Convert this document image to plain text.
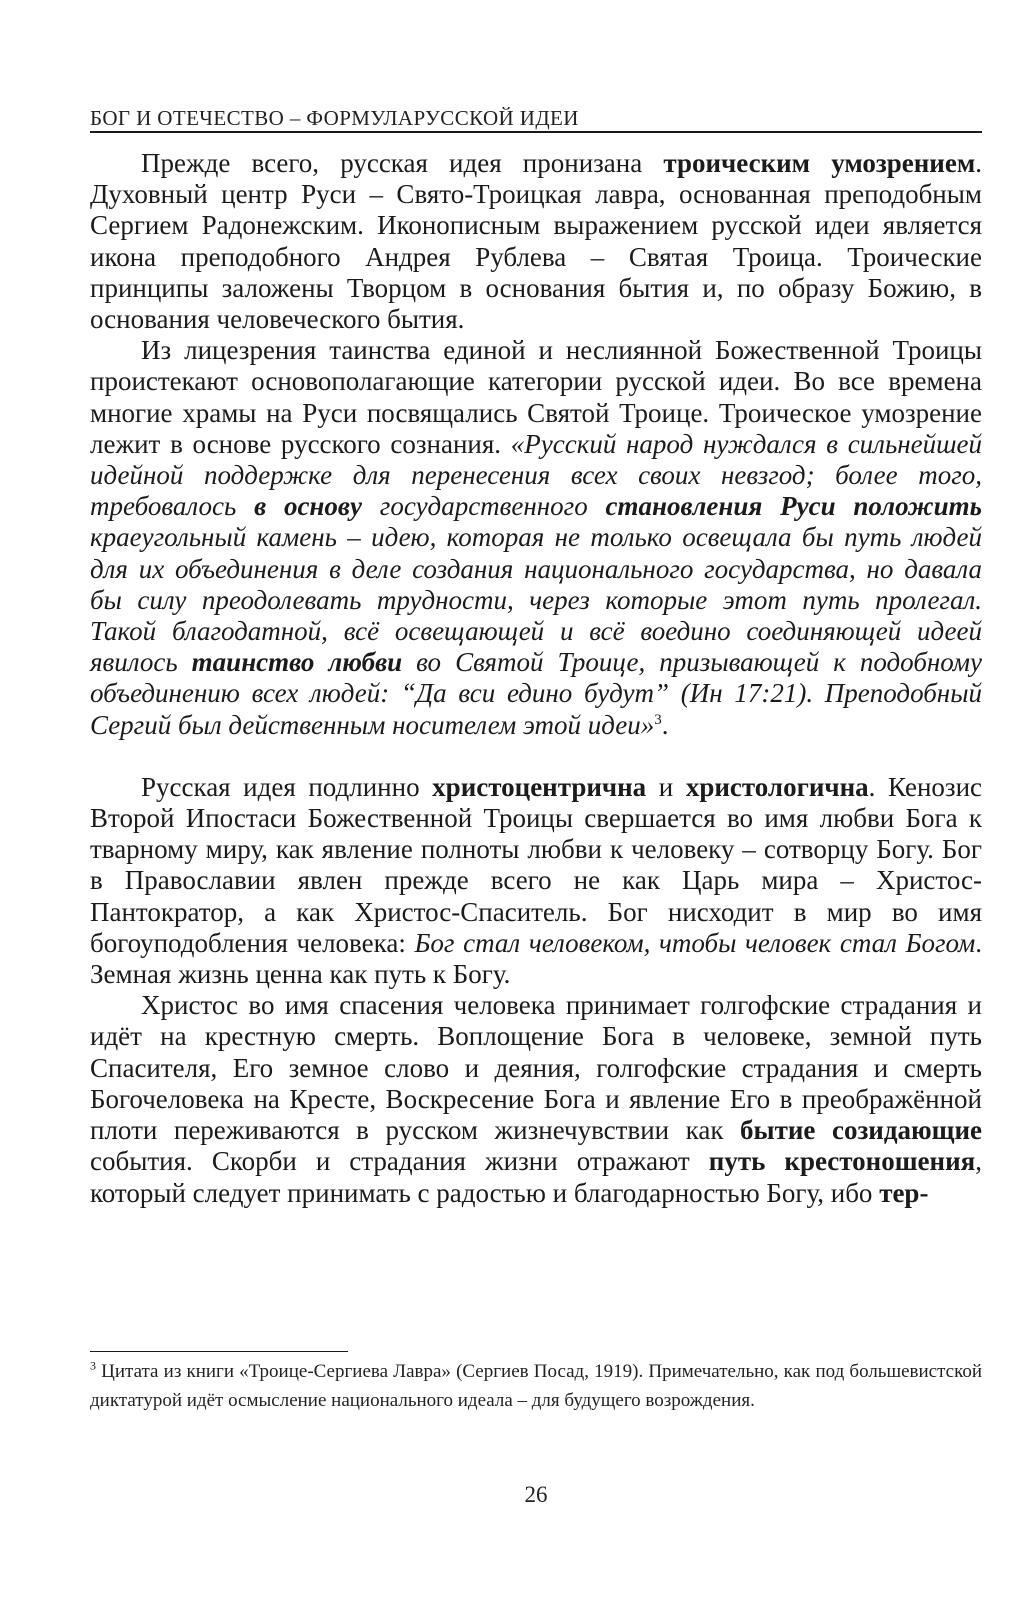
БОГ И ОТЕЧЕСТВО – ФОРМУЛАРУССКОЙ ИДЕИ

Прежде всего, русская идея пронизана троическим умозрением. Духовный центр Руси – Свято-Троицкая лавра, основанная преподобным Сергием Радонежским. Иконописным выражением русской идеи является икона преподобного Андрея Рублева – Святая Троица. Троические принципы заложены Творцом в основания бытия и, по образу Божию, в основания человеческого бытия.

Из лицезрения таинства единой и неслиянной Божественной Троицы проистекают основополагающие категории русской идеи. Во все времена многие храмы на Руси посвящались Святой Троице. Троическое умозрение лежит в основе русского сознания. «Русский народ нуждался в сильнейшей идейной поддержке для перенесения всех своих невзгод; более того, требовалось в основу государственного становления Руси положить краеугольный камень – идею, которая не только освещала бы путь людей для их объединения в деле создания национального государства, но давала бы силу преодолевать трудности, через которые этот путь пролегал. Такой благодатной, всё освещающей и всё воедино соединяющей идеей явилось таинство любви во Святой Троице, призывающей к подобному объединению всех людей: “Да вси едино будут” (Ин 17:21). Преподобный Сергий был действенным носителем этой идеи»$^3$.

Русская идея подлинно христоцентрична и христологична. Кенозис Второй Ипостаси Божественной Троицы свершается во имя любви Бога к тварному миру, как явление полноты любви к человеку – сотворцу Богу. Бог в Православии явлен прежде всего не как Царь мира – Христос-Пантократор, а как Христос-Спаситель. Бог нисходит в мир во имя богоуподобления человека: Бог стал человеком, чтобы человек стал Богом. Земная жизнь ценна как путь к Богу.

Христос во имя спасения человека принимает голгофские страдания и идёт на крестную смерть. Воплощение Бога в человеке, земной путь Спасителя, Его земное слово и деяния, голгофские страдания и смерть Богочеловека на Кресте, Воскресение Бога и явление Его в преображённой плоти переживаются в русском жизнечувствии как бытие созидающие события. Скорби и страдания жизни отражают путь крестоношения, который следует принимать с радостью и благодарностью Богу, ибо тер-

$^3$ Цитата из книги «Троице-Сергиева Лавра» (Сергиев Посад, 1919). Примечательно, как под большевистской диктатурой идёт осмысление национального идеала – для будущего возрождения.
26
